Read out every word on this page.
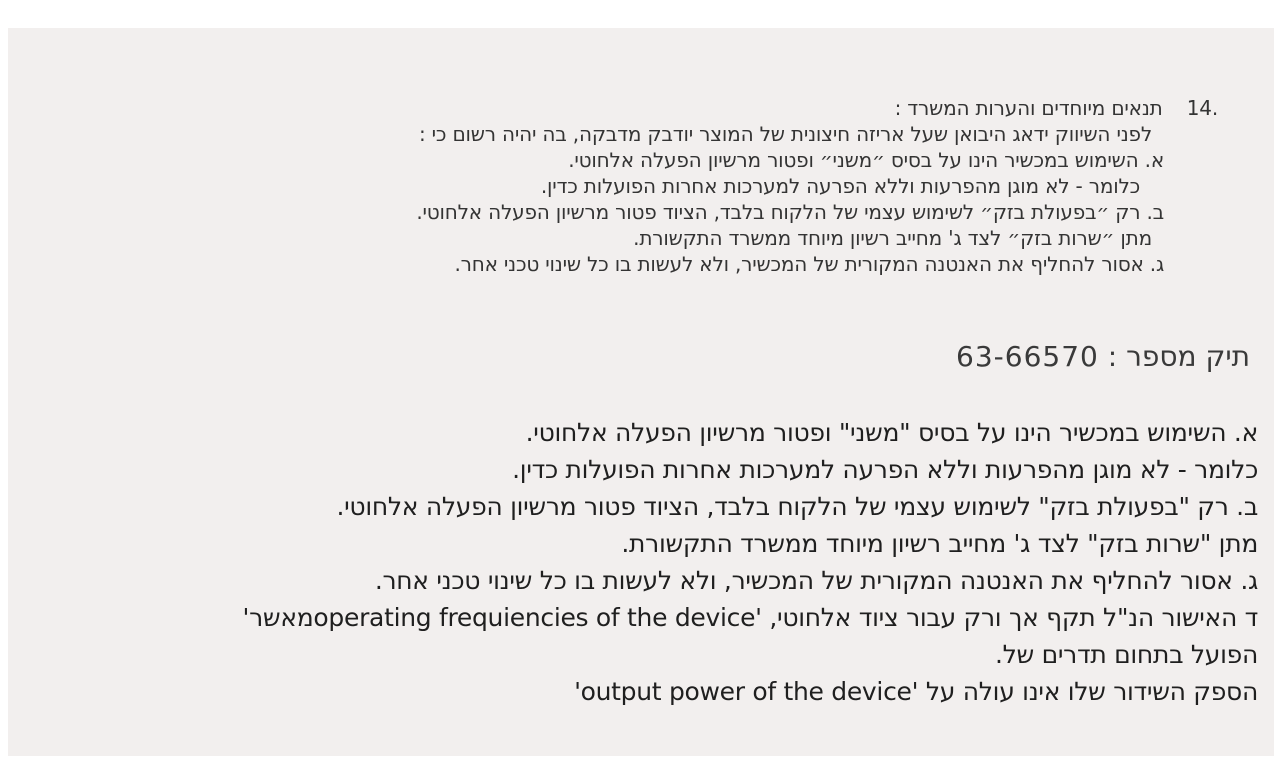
14. תנאים מיוחדים והערות המשרד :
לפני השיווק ידאג היבואן שעל אריזה חיצונית של המוצר יודבק מדבקה, בה יהיה רשום כי :
א. השימוש במכשיר הינו על בסיס ״משני״ ופטור מרשיון הפעלה אלחוטי.
כלומר - לא מוגן מהפרעות וללא הפרעה למערכות אחרות הפועלות כדין.
ב. רק ״בפעולת בזק״ לשימוש עצמי של הלקוח בלבד, הציוד פטור מרשיון הפעלה אלחוטי.
מתן ״שרות בזק״ לצד ג' מחייב רשיון מיוחד ממשרד התקשורת.
ג. אסור להחליף את האנטנה המקורית של המכשיר, ולא לעשות בו כל שינוי טכני אחר.
תיק מספר : 63-66570
א. השימוש במכשיר הינו על בסיס "משני" ופטור מרשיון הפעלה אלחוטי.
כלומר - לא מוגן מהפרעות וללא הפרעה למערכות אחרות הפועלות כדין.
ב. רק "בפעולת בזק" לשימוש עצמי של הלקוח בלבד, הציוד פטור מרשיון הפעלה אלחוטי.
מתן "שרות בזק" לצד ג' מחייב רשיון מיוחד ממשרד התקשורת.
ג. אסור להחליף את האנטנה המקורית של המכשיר, ולא לעשות בו כל שינוי טכני אחר.
ד האישור הנ"ל תקף אך ורק עבור ציוד אלחוטי, 'operating frequiencies of the deviceמאשר'
הפועל בתחום תדרים של.
הספק השידור שלו אינו עולה על 'output power of the device'
